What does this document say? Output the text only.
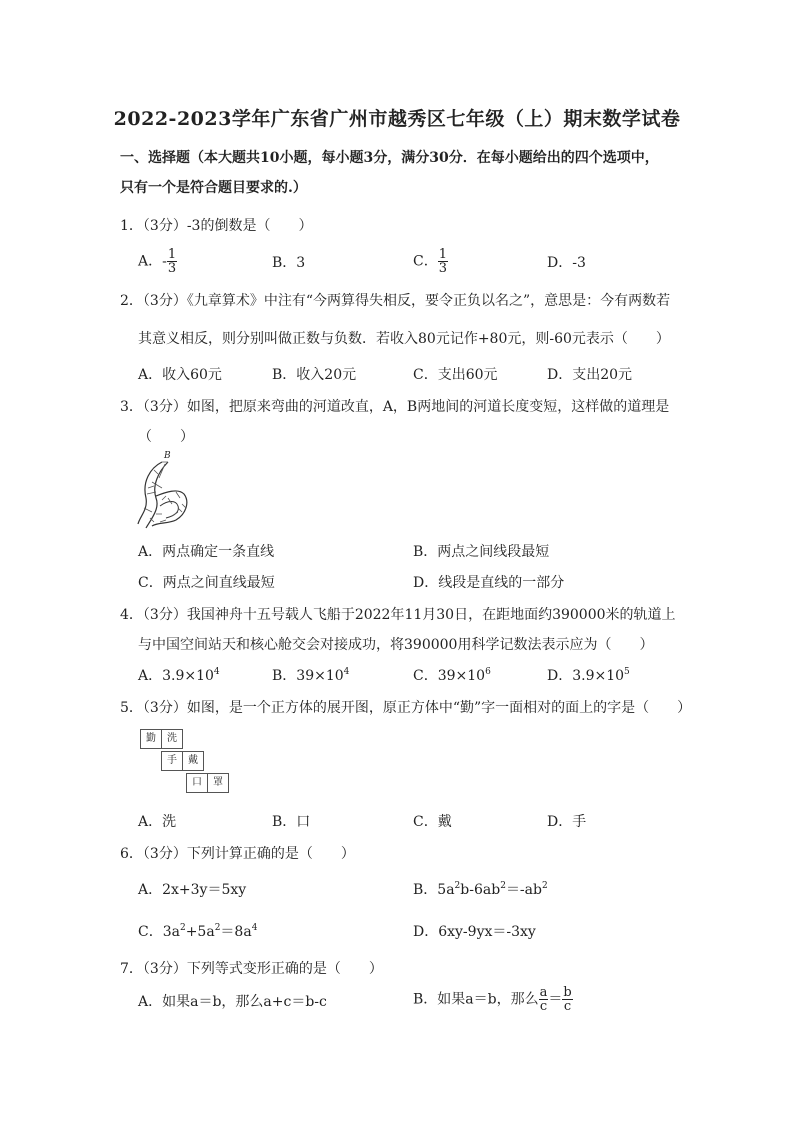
2022-2023学年广东省广州市越秀区七年级（上）期末数学试卷
一、选择题（本大题共10小题，每小题3分，满分30分．在每小题给出的四个选项中，
只有一个是符合题目要求的.）
1．（3分）-3的倒数是（　　）
A．- $\frac{1}{3}$	B．3	C． $\frac{1}{3}$	D．-3
2．（3分）《九章算术》中注有“今两算得失相反，要令正负以名之”，意思是：今有两数若
其意义相反，则分别叫做正数与负数．若收入80元记作+80元，则-60元表示（　　）
A．收入60元	B．收入20元	C．支出60元	D．支出20元
3．（3分）如图，把原来弯曲的河道改直，A，B两地间的河道长度变短，这样做的道理是
（　　）
B
A．两点确定一条直线	B．两点之间线段最短
C．两点之间直线最短	D．线段是直线的一部分
4．（3分）我国神舟十五号载人飞船于2022年11月30日，在距地面约390000米的轨道上
与中国空间站天和核心舱交会对接成功，将390000用科学记数法表示应为（　　）
A．$3.9\times 10^4$	B．$39\times 10^4$	C．$39\times 10^6$	D．$3.9\times 10^5$
5．（3分）如图，是一个正方体的展开图，原正方体中“勤”字一面相对的面上的字是（　　）
勤	洗
手	戴
口	罩
A．洗	B．口	C．戴	D．手
6．（3分）下列计算正确的是（　　）
A．2x+3y＝5xy	B．$5a^2b-6ab^2=-ab^2$
C．$3a^2+5a^2=8a^4$	D．6xy-9yx＝-3xy
7．（3分）下列等式变形正确的是（　　）
A．如果a＝b，那么a+c＝b-c	B．如果a＝b，那么 $\frac{a}{c} = \frac{b}{c}$
